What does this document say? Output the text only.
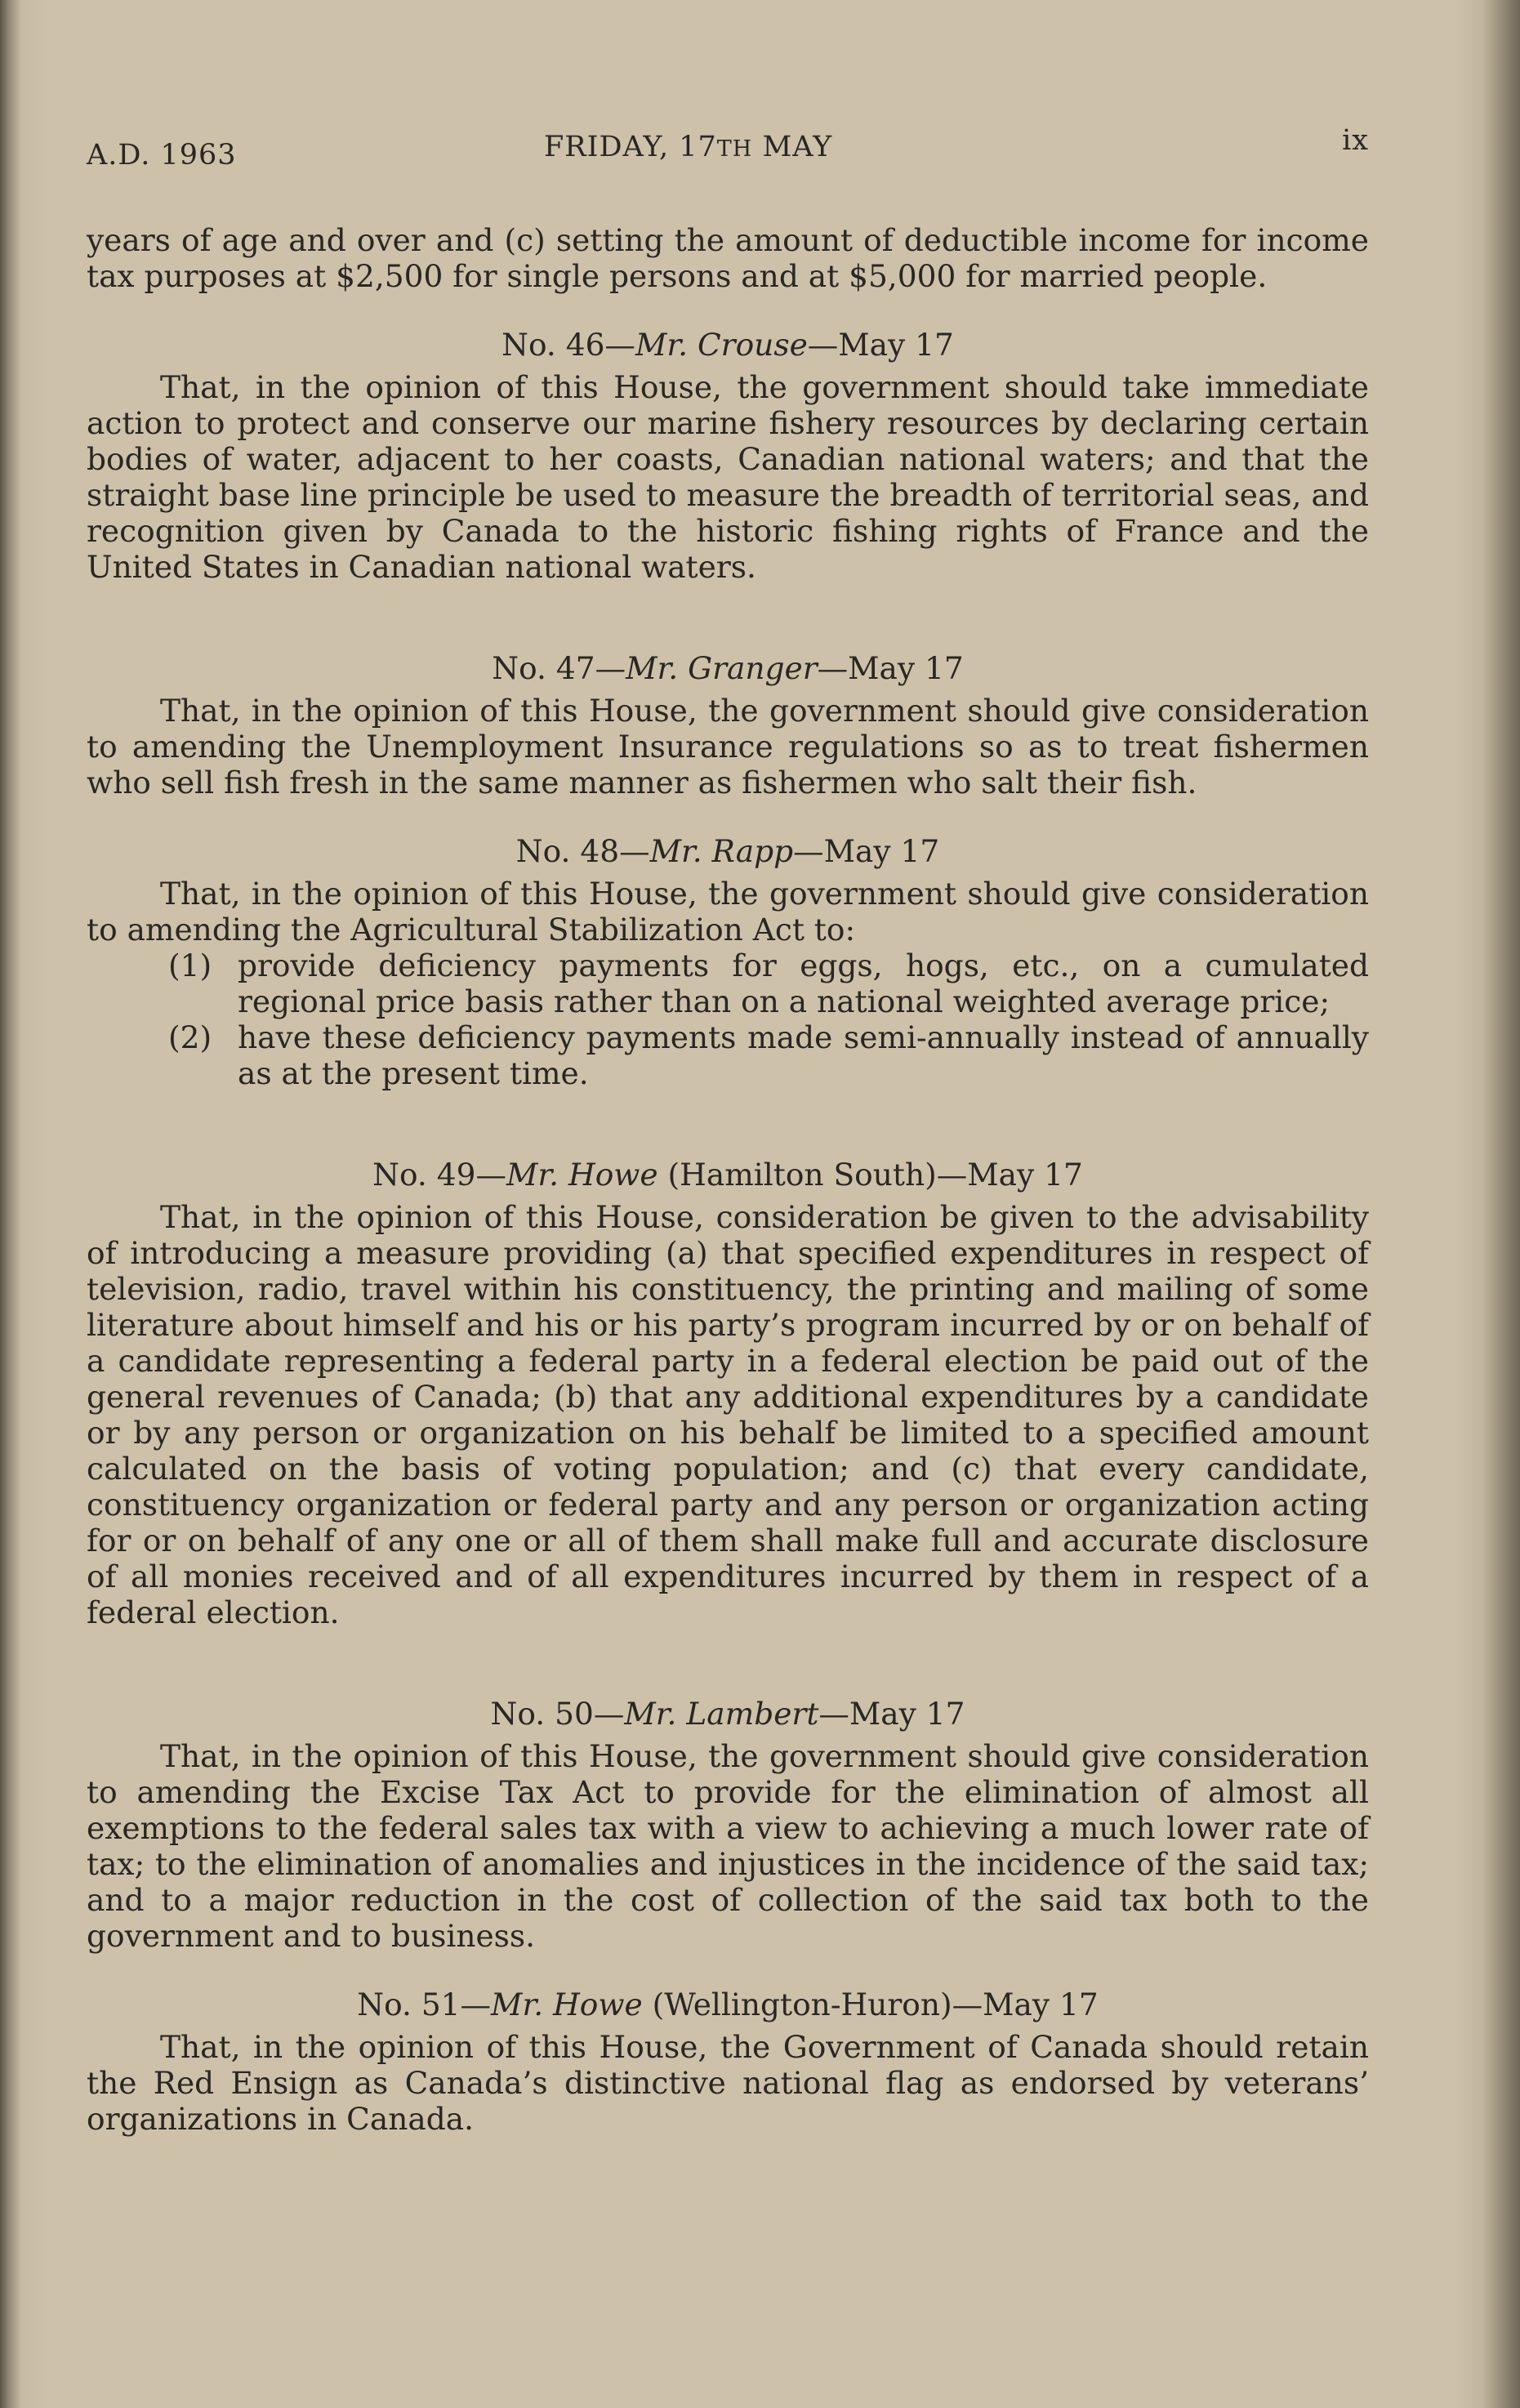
A.D. 1963	FRIDAY, 17TH MAY	ix

years of age and over and (c) setting the amount of deductible income for income tax purposes at $2,500 for single persons and at $5,000 for married people.

No. 46—Mr. Crouse—May 17

That, in the opinion of this House, the government should take immediate action to protect and conserve our marine fishery resources by declaring certain bodies of water, adjacent to her coasts, Canadian national waters; and that the straight base line principle be used to measure the breadth of territorial seas, and recognition given by Canada to the historic fishing rights of France and the United States in Canadian national waters.

No. 47—Mr. Granger—May 17

That, in the opinion of this House, the government should give consideration to amending the Unemployment Insurance regulations so as to treat fishermen who sell fish fresh in the same manner as fishermen who salt their fish.

No. 48—Mr. Rapp—May 17

That, in the opinion of this House, the government should give consideration to amending the Agricultural Stabilization Act to:

(1) provide deficiency payments for eggs, hogs, etc., on a cumulated regional price basis rather than on a national weighted average price;
(2) have these deficiency payments made semi-annually instead of annually as at the present time.

No. 49—Mr. Howe (Hamilton South)—May 17

That, in the opinion of this House, consideration be given to the advisability of introducing a measure providing (a) that specified expenditures in respect of television, radio, travel within his constituency, the printing and mailing of some literature about himself and his or his party’s program incurred by or on behalf of a candidate representing a federal party in a federal election be paid out of the general revenues of Canada; (b) that any additional expenditures by a candidate or by any person or organization on his behalf be limited to a specified amount calculated on the basis of voting population; and (c) that every candidate, constituency organization or federal party and any person or organization acting for or on behalf of any one or all of them shall make full and accurate disclosure of all monies received and of all expenditures incurred by them in respect of a federal election.

No. 50—Mr. Lambert—May 17

That, in the opinion of this House, the government should give consideration to amending the Excise Tax Act to provide for the elimination of almost all exemptions to the federal sales tax with a view to achieving a much lower rate of tax; to the elimination of anomalies and injustices in the incidence of the said tax; and to a major reduction in the cost of collection of the said tax both to the government and to business.

No. 51—Mr. Howe (Wellington-Huron)—May 17

That, in the opinion of this House, the Government of Canada should retain the Red Ensign as Canada’s distinctive national flag as endorsed by veterans’ organizations in Canada.
